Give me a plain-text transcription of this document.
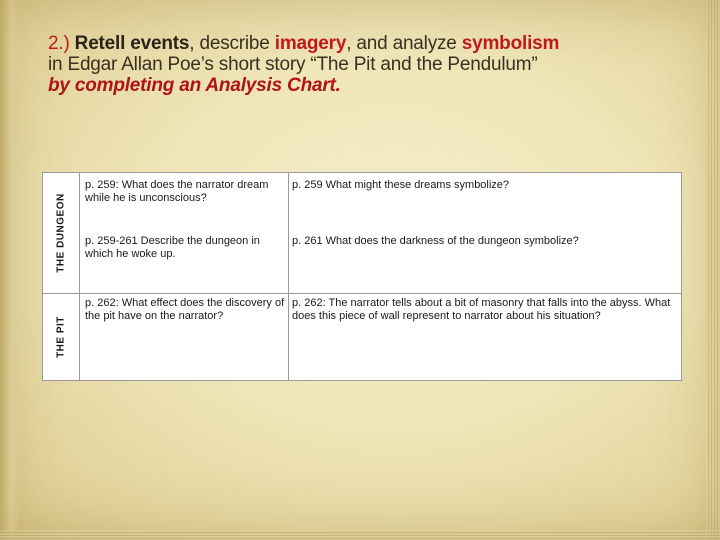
2.) Retell events, describe imagery, and analyze symbolism
in Edgar Allan Poe’s short story “The Pit and the Pendulum”
by completing an Analysis Chart.
THE DUNGEON
p. 259: What does the narrator dream while he is unconscious?
p. 259 What might these dreams symbolize?
p. 259-261 Describe the dungeon in which he woke up.
p. 261 What does the darkness of the dungeon symbolize?
THE PIT
p. 262: What effect does the discovery of the pit have on the narrator?
p. 262: The narrator tells about a bit of masonry that falls into the abyss. What does this piece of wall represent to narrator about his situation?
